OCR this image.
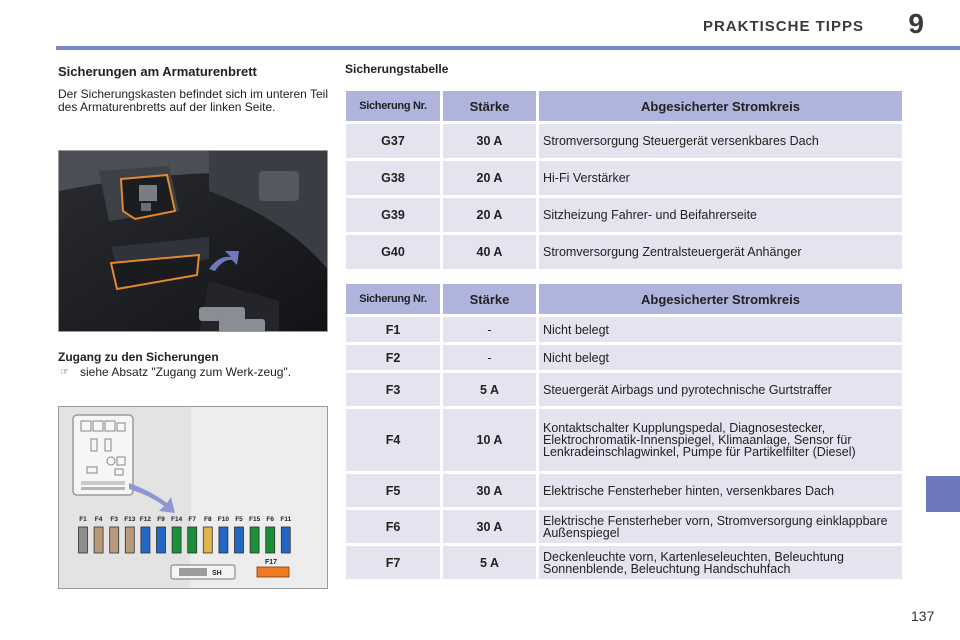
PRAKTISCHE TIPPS 9
Sicherungen am Armaturenbrett
Der Sicherungskasten befindet sich im unteren Teil des Armaturenbretts auf der linken Seite.
Zugang zu den Sicherungen
☞ siehe Absatz "Zugang zum Werk-zeug".
F1 F4 F3 F13 F12 F9 F14 F7 F8 F10 F5 F15 F6 F11
SH
F17
Sicherungstabelle
Sicherung Nr.	Stärke	Abgesicherter Stromkreis
G37	30 A	Stromversorgung Steuergerät versenkbares Dach
G38	20 A	Hi-Fi Verstärker
G39	20 A	Sitzheizung Fahrer- und Beifahrerseite
G40	40 A	Stromversorgung Zentralsteuergerät Anhänger
Sicherung Nr.	Stärke	Abgesicherter Stromkreis
F1	-	Nicht belegt
F2	-	Nicht belegt
F3	5 A	Steuergerät Airbags und pyrotechnische Gurtstraffer
F4	10 A	Kontaktschalter Kupplungspedal, Diagnosestecker, Elektrochromatik-Innenspiegel, Klimaanlage, Sensor für Lenkradeinschlagwinkel, Pumpe für Partikelfilter (Diesel)
F5	30 A	Elektrische Fensterheber hinten, versenkbares Dach
F6	30 A	Elektrische Fensterheber vorn, Stromversorgung einklappbare Außenspiegel
F7	5 A	Deckenleuchte vorn, Kartenleseleuchten, Beleuchtung Sonnenblende, Beleuchtung Handschuhfach
137
